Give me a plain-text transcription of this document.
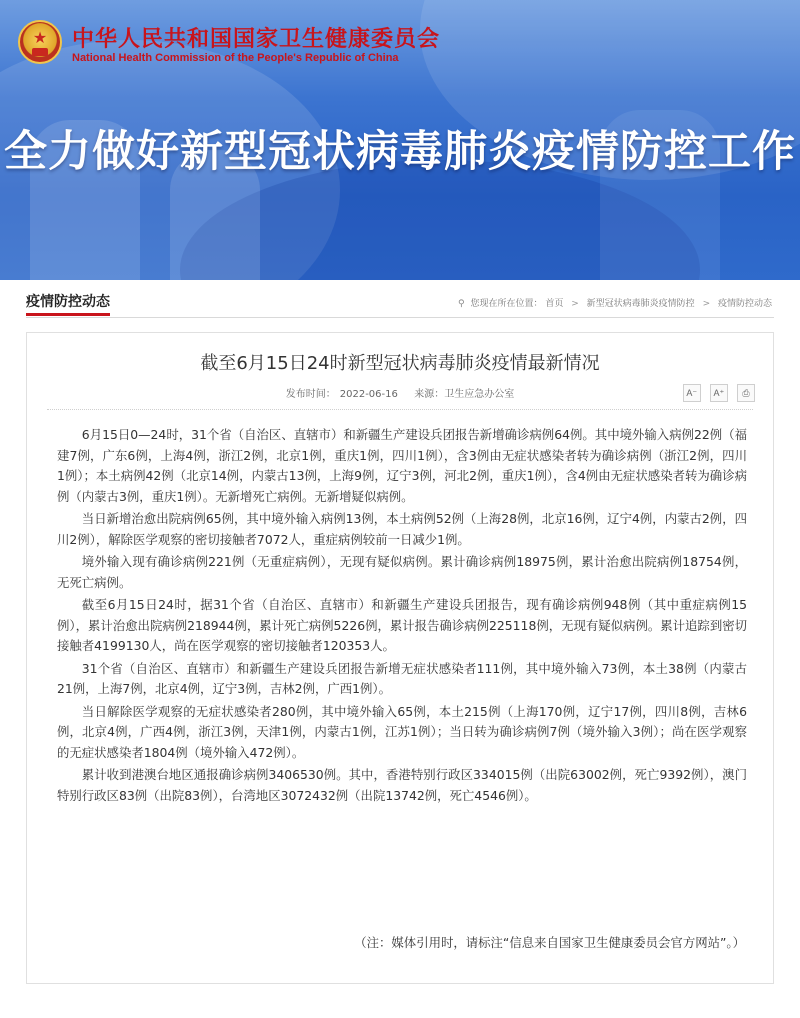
★	中华人民共和国国家卫生健康委员会
National Health Commission of the People's Republic of China
全力做好新型冠状病毒肺炎疫情防控工作
疫情防控动态	⚲ 您现在所在位置： 首页 > 新型冠状病毒肺炎疫情防控 > 疫情防控动态
截至6月15日24时新型冠状病毒肺炎疫情最新情况
发布时间： 2022-06-16 来源：卫生应急办公室	A⁻ A⁺ ⎙

6月15日0—24时，31个省（自治区、直辖市）和新疆生产建设兵团报告新增确诊病例64例。其中境外输入病例22例（福建7例，广东6例，上海4例，浙江2例，北京1例，重庆1例，四川1例），含3例由无症状感染者转为确诊病例（浙江2例，四川1例）；本土病例42例（北京14例，内蒙古13例，上海9例，辽宁3例，河北2例，重庆1例），含4例由无症状感染者转为确诊病例（内蒙古3例，重庆1例）。无新增死亡病例。无新增疑似病例。

当日新增治愈出院病例65例，其中境外输入病例13例，本土病例52例（上海28例，北京16例，辽宁4例，内蒙古2例，四川2例），解除医学观察的密切接触者7072人，重症病例较前一日减少1例。

境外输入现有确诊病例221例（无重症病例），无现有疑似病例。累计确诊病例18975例，累计治愈出院病例18754例，无死亡病例。

截至6月15日24时，据31个省（自治区、直辖市）和新疆生产建设兵团报告，现有确诊病例948例（其中重症病例15例），累计治愈出院病例218944例，累计死亡病例5226例，累计报告确诊病例225118例，无现有疑似病例。累计追踪到密切接触者4199130人，尚在医学观察的密切接触者120353人。

31个省（自治区、直辖市）和新疆生产建设兵团报告新增无症状感染者111例，其中境外输入73例，本土38例（内蒙古21例，上海7例，北京4例，辽宁3例，吉林2例，广西1例）。

当日解除医学观察的无症状感染者280例，其中境外输入65例，本土215例（上海170例，辽宁17例，四川8例，吉林6例，北京4例，广西4例，浙江3例，天津1例，内蒙古1例，江苏1例）；当日转为确诊病例7例（境外输入3例）；尚在医学观察的无症状感染者1804例（境外输入472例）。

累计收到港澳台地区通报确诊病例3406530例。其中，香港特别行政区334015例（出院63002例，死亡9392例），澳门特别行政区83例（出院83例），台湾地区3072432例（出院13742例，死亡4546例）。

（注：媒体引用时，请标注“信息来自国家卫生健康委员会官方网站”。）
